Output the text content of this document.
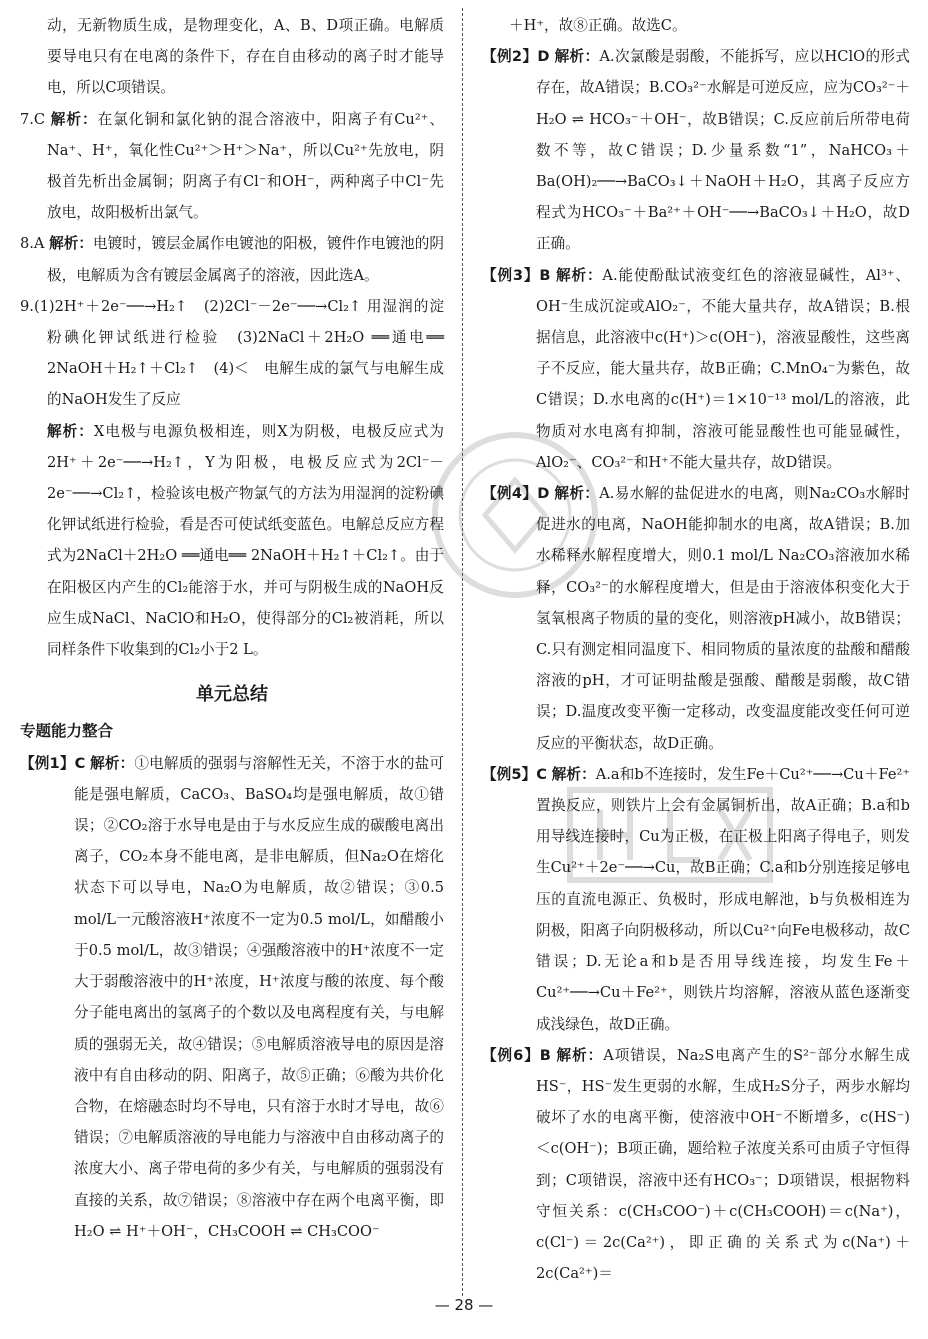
动，无新物质生成，是物理变化，A、B、D项正确。电解质要导电只有在电离的条件下，存在自由移动的离子时才能导电，所以C项错误。

7.C 解析：在氯化铜和氯化钠的混合溶液中，阳离子有Cu²⁺、Na⁺、H⁺，氧化性Cu²⁺＞H⁺＞Na⁺，所以Cu²⁺先放电，阴极首先析出金属铜；阴离子有Cl⁻和OH⁻，两种离子中Cl⁻先放电，故阳极析出氯气。

8.A 解析：电镀时，镀层金属作电镀池的阳极，镀件作电镀池的阴极，电解质为含有镀层金属离子的溶液，因此选A。

9.(1)2H⁺＋2e⁻──→H₂↑　(2)2Cl⁻－2e⁻──→Cl₂↑ 用湿润的淀粉碘化钾试纸进行检验　(3)2NaCl＋2H₂O ══通电══ 2NaOH＋H₂↑＋Cl₂↑　(4)＜　电解生成的氯气与电解生成的NaOH发生了反应

解析：X电极与电源负极相连，则X为阴极，电极反应式为2H⁺＋2e⁻──→H₂↑，Y为阳极，电极反应式为2Cl⁻－2e⁻──→Cl₂↑，检验该电极产物氯气的方法为用湿润的淀粉碘化钾试纸进行检验，看是否可使试纸变蓝色。电解总反应方程式为2NaCl＋2H₂O ══通电══ 2NaOH＋H₂↑＋Cl₂↑。由于在阳极区内产生的Cl₂能溶于水，并可与阴极生成的NaOH反应生成NaCl、NaClO和H₂O，使得部分的Cl₂被消耗，所以同样条件下收集到的Cl₂小于2 L。

单元总结
专题能力整合

【例1】C 解析：①电解质的强弱与溶解性无关，不溶于水的盐可能是强电解质，CaCO₃、BaSO₄均是强电解质，故①错误；②CO₂溶于水导电是由于与水反应生成的碳酸电离出离子，CO₂本身不能电离，是非电解质，但Na₂O在熔化状态下可以导电，Na₂O为电解质，故②错误；③0.5 mol/L一元酸溶液H⁺浓度不一定为0.5 mol/L，如醋酸小于0.5 mol/L，故③错误；④强酸溶液中的H⁺浓度不一定大于弱酸溶液中的H⁺浓度，H⁺浓度与酸的浓度、每个酸分子能电离出的氢离子的个数以及电离程度有关，与电解质的强弱无关，故④错误；⑤电解质溶液导电的原因是溶液中有自由移动的阴、阳离子，故⑤正确；⑥酸为共价化合物，在熔融态时均不导电，只有溶于水时才导电，故⑥错误；⑦电解质溶液的导电能力与溶液中自由移动离子的浓度大小、离子带电荷的多少有关，与电解质的强弱没有直接的关系，故⑦错误；⑧溶液中存在两个电离平衡，即H₂O ⇌ H⁺＋OH⁻，CH₃COOH ⇌ CH₃COO⁻

＋H⁺，故⑧正确。故选C。

【例2】D 解析：A.次氯酸是弱酸，不能拆写，应以HClO的形式存在，故A错误；B.CO₃²⁻水解是可逆反应，应为CO₃²⁻＋H₂O ⇌ HCO₃⁻＋OH⁻，故B错误；C.反应前后所带电荷数不等，故C错误；D.少量系数“1”，NaHCO₃＋Ba(OH)₂──→BaCO₃↓＋NaOH＋H₂O，其离子反应方程式为HCO₃⁻＋Ba²⁺＋OH⁻──→BaCO₃↓＋H₂O，故D正确。

【例3】B 解析：A.能使酚酞试液变红色的溶液显碱性，Al³⁺、OH⁻生成沉淀或AlO₂⁻，不能大量共存，故A错误；B.根据信息，此溶液中c(H⁺)＞c(OH⁻)，溶液显酸性，这些离子不反应，能大量共存，故B正确；C.MnO₄⁻为紫色，故C错误；D.水电离的c(H⁺)＝1×10⁻¹³ mol/L的溶液，此物质对水电离有抑制，溶液可能显酸性也可能显碱性，AlO₂⁻、CO₃²⁻和H⁺不能大量共存，故D错误。

【例4】D 解析：A.易水解的盐促进水的电离，则Na₂CO₃水解时促进水的电离，NaOH能抑制水的电离，故A错误；B.加水稀释水解程度增大，则0.1 mol/L Na₂CO₃溶液加水稀释，CO₃²⁻的水解程度增大，但是由于溶液体积变化大于氢氧根离子物质的量的变化，则溶液pH减小，故B错误；C.只有测定相同温度下、相同物质的量浓度的盐酸和醋酸溶液的pH，才可证明盐酸是强酸、醋酸是弱酸，故C错误；D.温度改变平衡一定移动，改变温度能改变任何可逆反应的平衡状态，故D正确。

【例5】C 解析：A.a和b不连接时，发生Fe＋Cu²⁺──→Cu＋Fe²⁺置换反应，则铁片上会有金属铜析出，故A正确；B.a和b用导线连接时，Cu为正极，在正极上阳离子得电子，则发生Cu²⁺＋2e⁻──→Cu，故B正确；C.a和b分别连接足够电压的直流电源正、负极时，形成电解池，b与负极相连为阴极，阳离子向阴极移动，所以Cu²⁺向Fe电极移动，故C错误；D.无论a和b是否用导线连接，均发生Fe＋Cu²⁺──→Cu＋Fe²⁺，则铁片均溶解，溶液从蓝色逐渐变成浅绿色，故D正确。

【例6】B 解析：A项错误，Na₂S电离产生的S²⁻部分水解生成HS⁻，HS⁻发生更弱的水解，生成H₂S分子，两步水解均破坏了水的电离平衡，使溶液中OH⁻不断增多，c(HS⁻)＜c(OH⁻)；B项正确，题给粒子浓度关系可由质子守恒得到；C项错误，溶液中还有HCO₃⁻；D项错误，根据物料守恒关系：c(CH₃COO⁻)＋c(CH₃COOH)＝c(Na⁺)，c(Cl⁻)＝2c(Ca²⁺)，即正确的关系式为c(Na⁺)＋2c(Ca²⁺)＝

— 28 —
